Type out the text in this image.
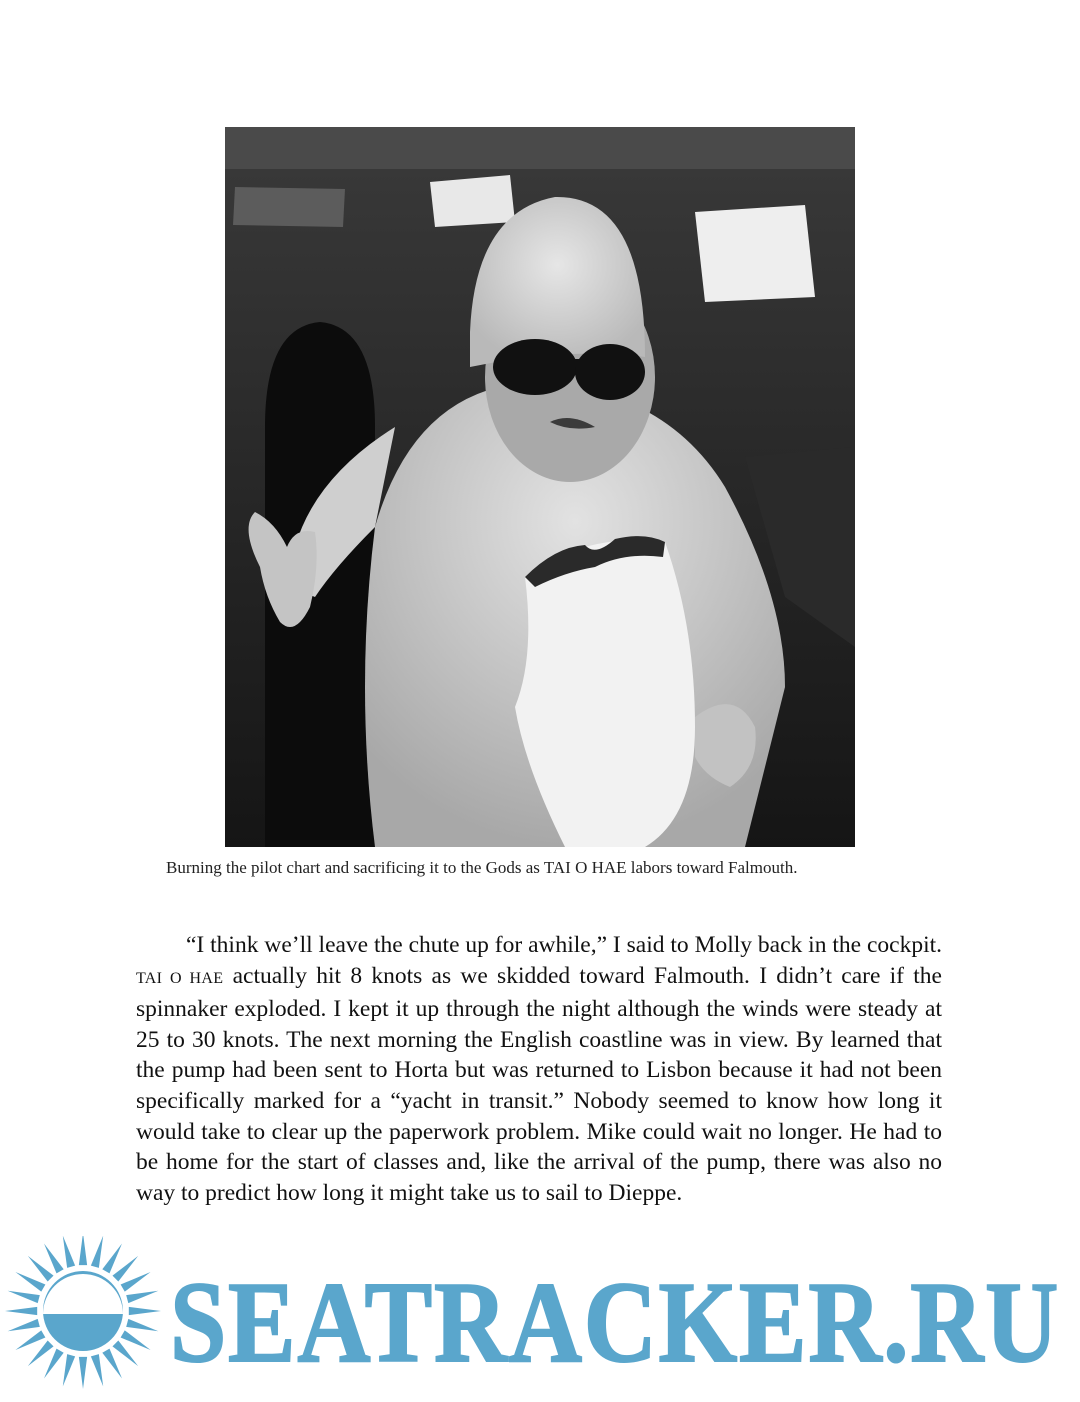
Burning the pilot chart and sacrificing it to the Gods as TAI O HAE labors toward Falmouth.

“I think we’ll leave the chute up for awhile,” I said to Molly back in the cockpit. TAI O HAE actually hit 8 knots as we skidded toward Falmouth. I didn’t care if the spinnaker exploded. I kept it up through the night although the winds were steady at 25 to 30 knots. The next morning the English coastline was in view. By learned that the pump had been sent to Horta but was returned to Lisbon because it had not been specifically marked for a “yacht in transit.” Nobody seemed to know how long it would take to clear up the paperwork problem. Mike could wait no longer. He had to be home for the start of classes and, like the arrival of the pump, there was also no way to predict how long it might take us to sail to Dieppe.

SEATRACKER.RU
